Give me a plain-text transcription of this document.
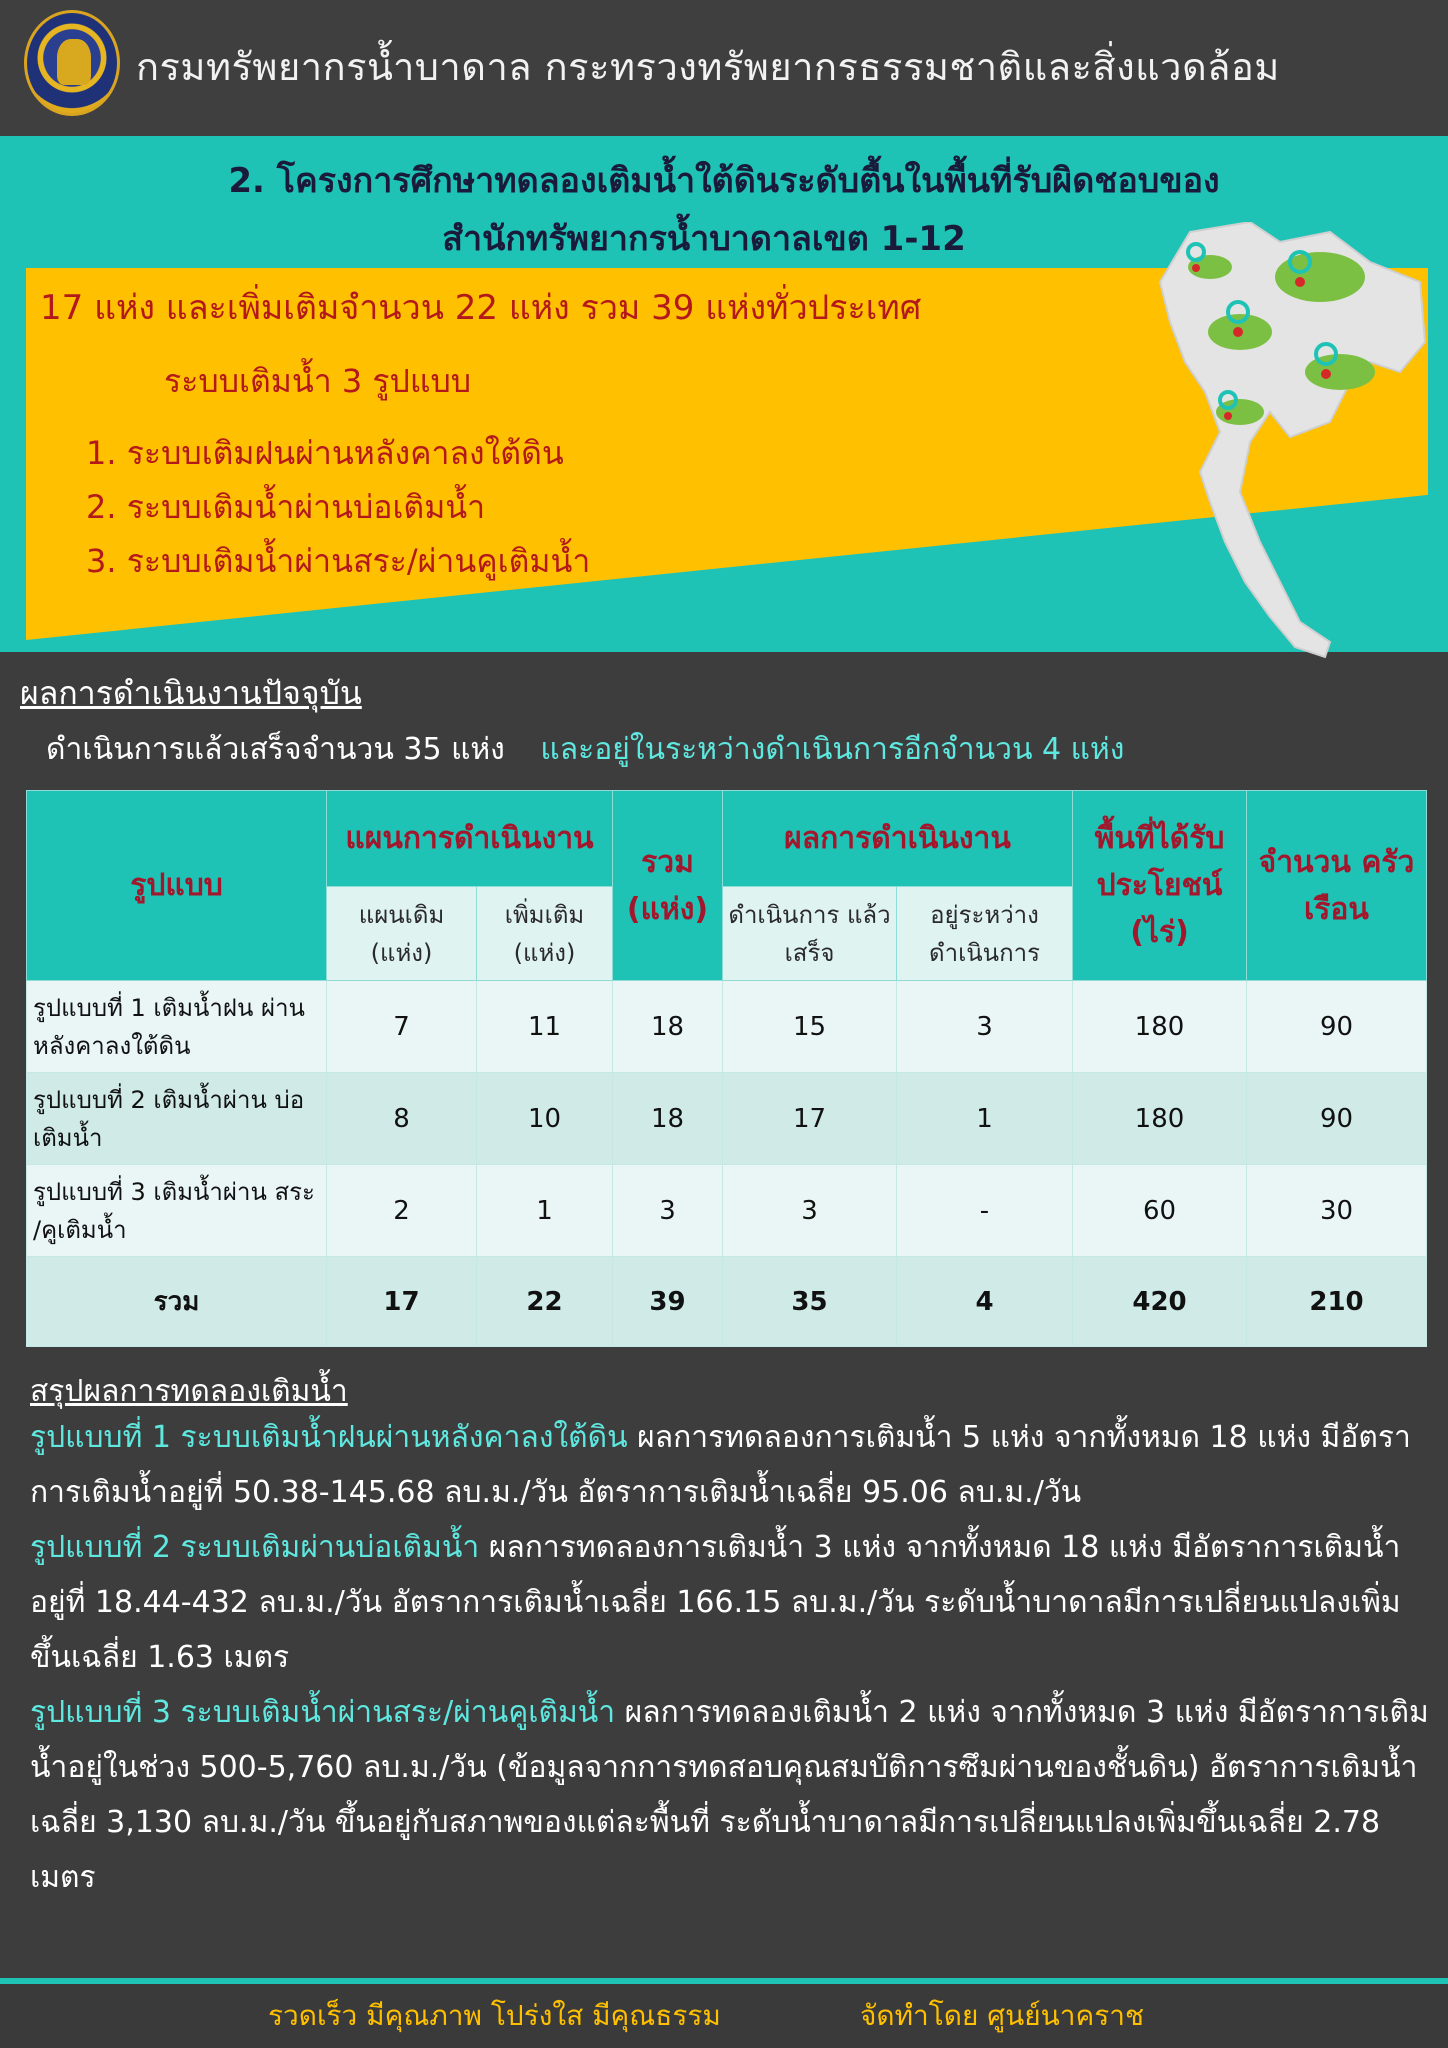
กรมทรัพยากรน้ำบาดาล กระทรวงทรัพยากรธรรมชาติและสิ่งแวดล้อม
2. โครงการศึกษาทดลองเติมน้ำใต้ดินระดับตื้นในพื้นที่รับผิดชอบของ
สำนักทรัพยากรน้ำบาดาลเขต 1-12
17 แห่ง และเพิ่มเติมจำนวน 22 แห่ง รวม 39 แห่งทั่วประเทศ
ระบบเติมน้ำ 3 รูปแบบ
1. ระบบเติมฝนผ่านหลังคาลงใต้ดิน
2. ระบบเติมน้ำผ่านบ่อเติมน้ำ
3. ระบบเติมน้ำผ่านสระ/ผ่านคูเติมน้ำ
ผลการดำเนินงานปัจจุบัน
ดำเนินการแล้วเสร็จจำนวน 35 แห่ง และอยู่ในระหว่างดำเนินการอีกจำนวน 4 แห่ง
รูปแบบ	แผนการดำเนินงาน		รวม (แห่ง)	ผลการดำเนินงาน		พื้นที่ได้รับ ประโยชน์ (ไร่)	จำนวน ครัวเรือน
	แผนเดิม (แห่ง)	เพิ่มเติม (แห่ง)		ดำเนินการ แล้วเสร็จ	อยู่ระหว่าง ดำเนินการ		
รูปแบบที่ 1 เติมน้ำฝน ผ่านหลังคาลงใต้ดิน	7	11	18	15	3	180	90
รูปแบบที่ 2 เติมน้ำผ่าน บ่อเติมน้ำ	8	10	18	17	1	180	90
รูปแบบที่ 3 เติมน้ำผ่าน สระ /คูเติมน้ำ	2	1	3	3	-	60	30
รวม	17	22	39	35	4	420	210
สรุปผลการทดลองเติมน้ำ

รูปแบบที่ 1 ระบบเติมน้ำฝนผ่านหลังคาลงใต้ดิน ผลการทดลองการเติมน้ำ 5 แห่ง จากทั้งหมด 18 แห่ง มีอัตราการเติมน้ำอยู่ที่ 50.38-145.68 ลบ.ม./วัน อัตราการเติมน้ำเฉลี่ย 95.06 ลบ.ม./วัน

รูปแบบที่ 2 ระบบเติมผ่านบ่อเติมน้ำ ผลการทดลองการเติมน้ำ 3 แห่ง จากทั้งหมด 18 แห่ง มีอัตราการเติมน้ำอยู่ที่ 18.44-432 ลบ.ม./วัน อัตราการเติมน้ำเฉลี่ย 166.15 ลบ.ม./วัน ระดับน้ำบาดาลมีการเปลี่ยนแปลงเพิ่มขึ้นเฉลี่ย 1.63 เมตร

รูปแบบที่ 3 ระบบเติมน้ำผ่านสระ/ผ่านคูเติมน้ำ ผลการทดลองเติมน้ำ 2 แห่ง จากทั้งหมด 3 แห่ง มีอัตราการเติมน้ำอยู่ในช่วง 500-5,760 ลบ.ม./วัน (ข้อมูลจากการทดสอบคุณสมบัติการซึมผ่านของชั้นดิน) อัตราการเติมน้ำเฉลี่ย 3,130 ลบ.ม./วัน ขึ้นอยู่กับสภาพของแต่ละพื้นที่ ระดับน้ำบาดาลมีการเปลี่ยนแปลงเพิ่มขึ้นเฉลี่ย 2.78 เมตร

รวดเร็ว มีคุณภาพ โปร่งใส มีคุณธรรม	จัดทำโดย ศูนย์นาคราช
